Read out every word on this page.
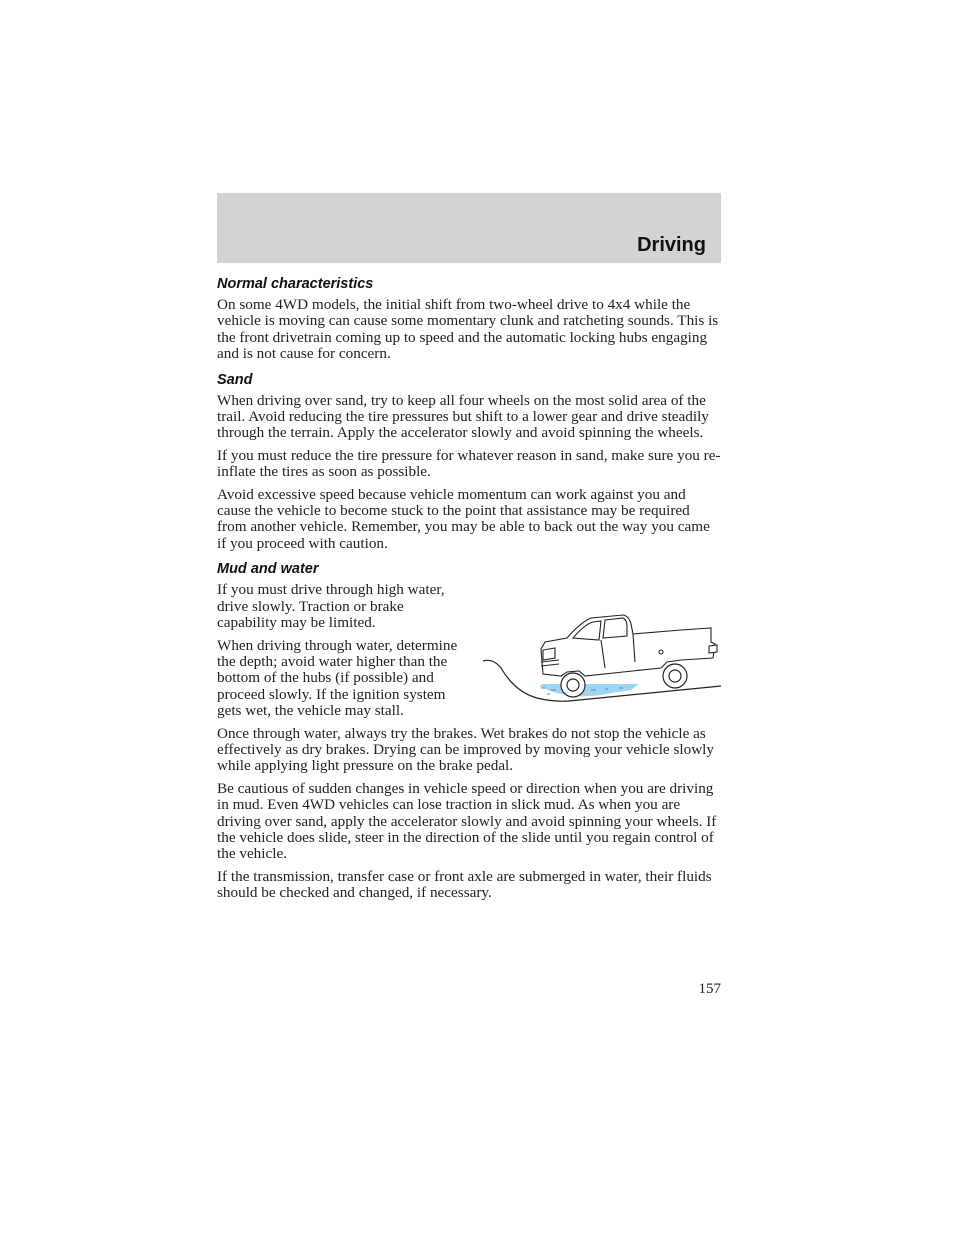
Driving
Normal characteristics

On some 4WD models, the initial shift from two-wheel drive to 4x4 while the vehicle is moving can cause some momentary clunk and ratcheting sounds. This is the front drivetrain coming up to speed and the automatic locking hubs engaging and is not cause for concern.

Sand

When driving over sand, try to keep all four wheels on the most solid area of the trail. Avoid reducing the tire pressures but shift to a lower gear and drive steadily through the terrain. Apply the accelerator slowly and avoid spinning the wheels.

If you must reduce the tire pressure for whatever reason in sand, make sure you re-inflate the tires as soon as possible.

Avoid excessive speed because vehicle momentum can work against you and cause the vehicle to become stuck to the point that assistance may be required from another vehicle. Remember, you may be able to back out the way you came if you proceed with caution.

Mud and water

If you must drive through high water, drive slowly. Traction or brake capability may be limited.

When driving through water, determine the depth; avoid water higher than the bottom of the hubs (if possible) and proceed slowly. If the ignition system gets wet, the vehicle may stall.

Once through water, always try the brakes. Wet brakes do not stop the vehicle as effectively as dry brakes. Drying can be improved by moving your vehicle slowly while applying light pressure on the brake pedal.

Be cautious of sudden changes in vehicle speed or direction when you are driving in mud. Even 4WD vehicles can lose traction in slick mud. As when you are driving over sand, apply the accelerator slowly and avoid spinning your wheels. If the vehicle does slide, steer in the direction of the slide until you regain control of the vehicle.

If the transmission, transfer case or front axle are submerged in water, their fluids should be checked and changed, if necessary.

157
